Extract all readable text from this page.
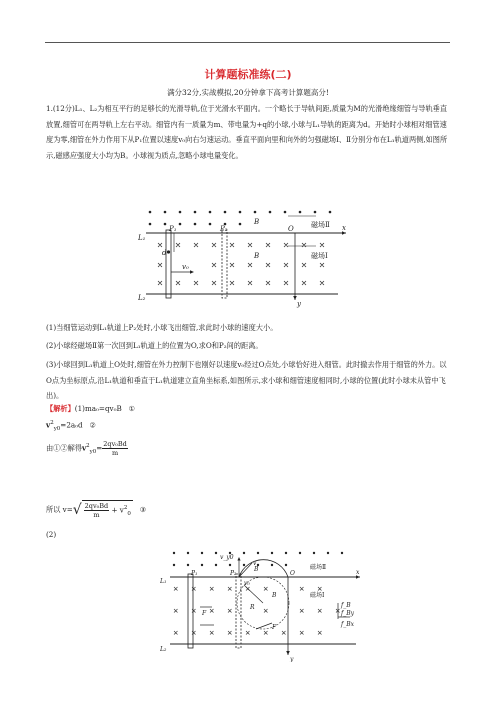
计算题标准练(二)
满分32分,实战模拟,20分钟拿下高考计算题高分!
1.(12分)L₁、L₂为相互平行的足够长的光滑导轨,位于光滑水平面内。一个略长于导轨间距,质量为M的光滑绝缘细管与导轨垂直放置,细管可在两导轨上左右平动。细管内有一质量为m、带电量为+q的小球,小球与L₁导轨的距离为d。开始时小球相对细管速度为零,细管在外力作用下从P₁位置以速度v₀向右匀速运动。垂直平面向里和向外的匀强磁场Ⅰ、Ⅱ分别分布在L₁轨道两侧,如图所示,磁感应强度大小均为B。小球视为质点,忽略小球电量变化。
L₁
L₂
P₁	P₂	O	x
y
d
v₀
B
B
磁场Ⅱ
磁场Ⅰ
(1)当细管运动到L₁轨道上P₂处时,小球飞出细管,求此时小球的速度大小。
(2)小球经磁场Ⅱ第一次回到L₁轨道上的位置为O,求O和P₂间的距离。
(3)小球回到L₁轨道上O处时,细管在外力控制下也刚好以速度v₀经过O点处,小球恰好进入细管。此时撤去作用于细管的外力。以O点为坐标原点,沿L₁轨道和垂直于L₁轨道建立直角坐标系,如图所示,求小球和细管速度相同时,小球的位置(此时小球未从管中飞出)。
【解析】(1)ma₀=qv₀B ①
$v^2_{y0}=2a_0d$ ②
由①②解得$v^2_{y0}= \frac{\text{2qv₀Bd}}{m}$
所以 $v=√ \frac{\text{2qv₀Bd}}{m} + v^2_0$ ③
(2)
L₁
L₂
P₁	P₂	O	x
y
v_y0
v₀
v
B
B
R
F
F
f_B
f_By
f_Bx
磁场Ⅱ
磁场Ⅰ
